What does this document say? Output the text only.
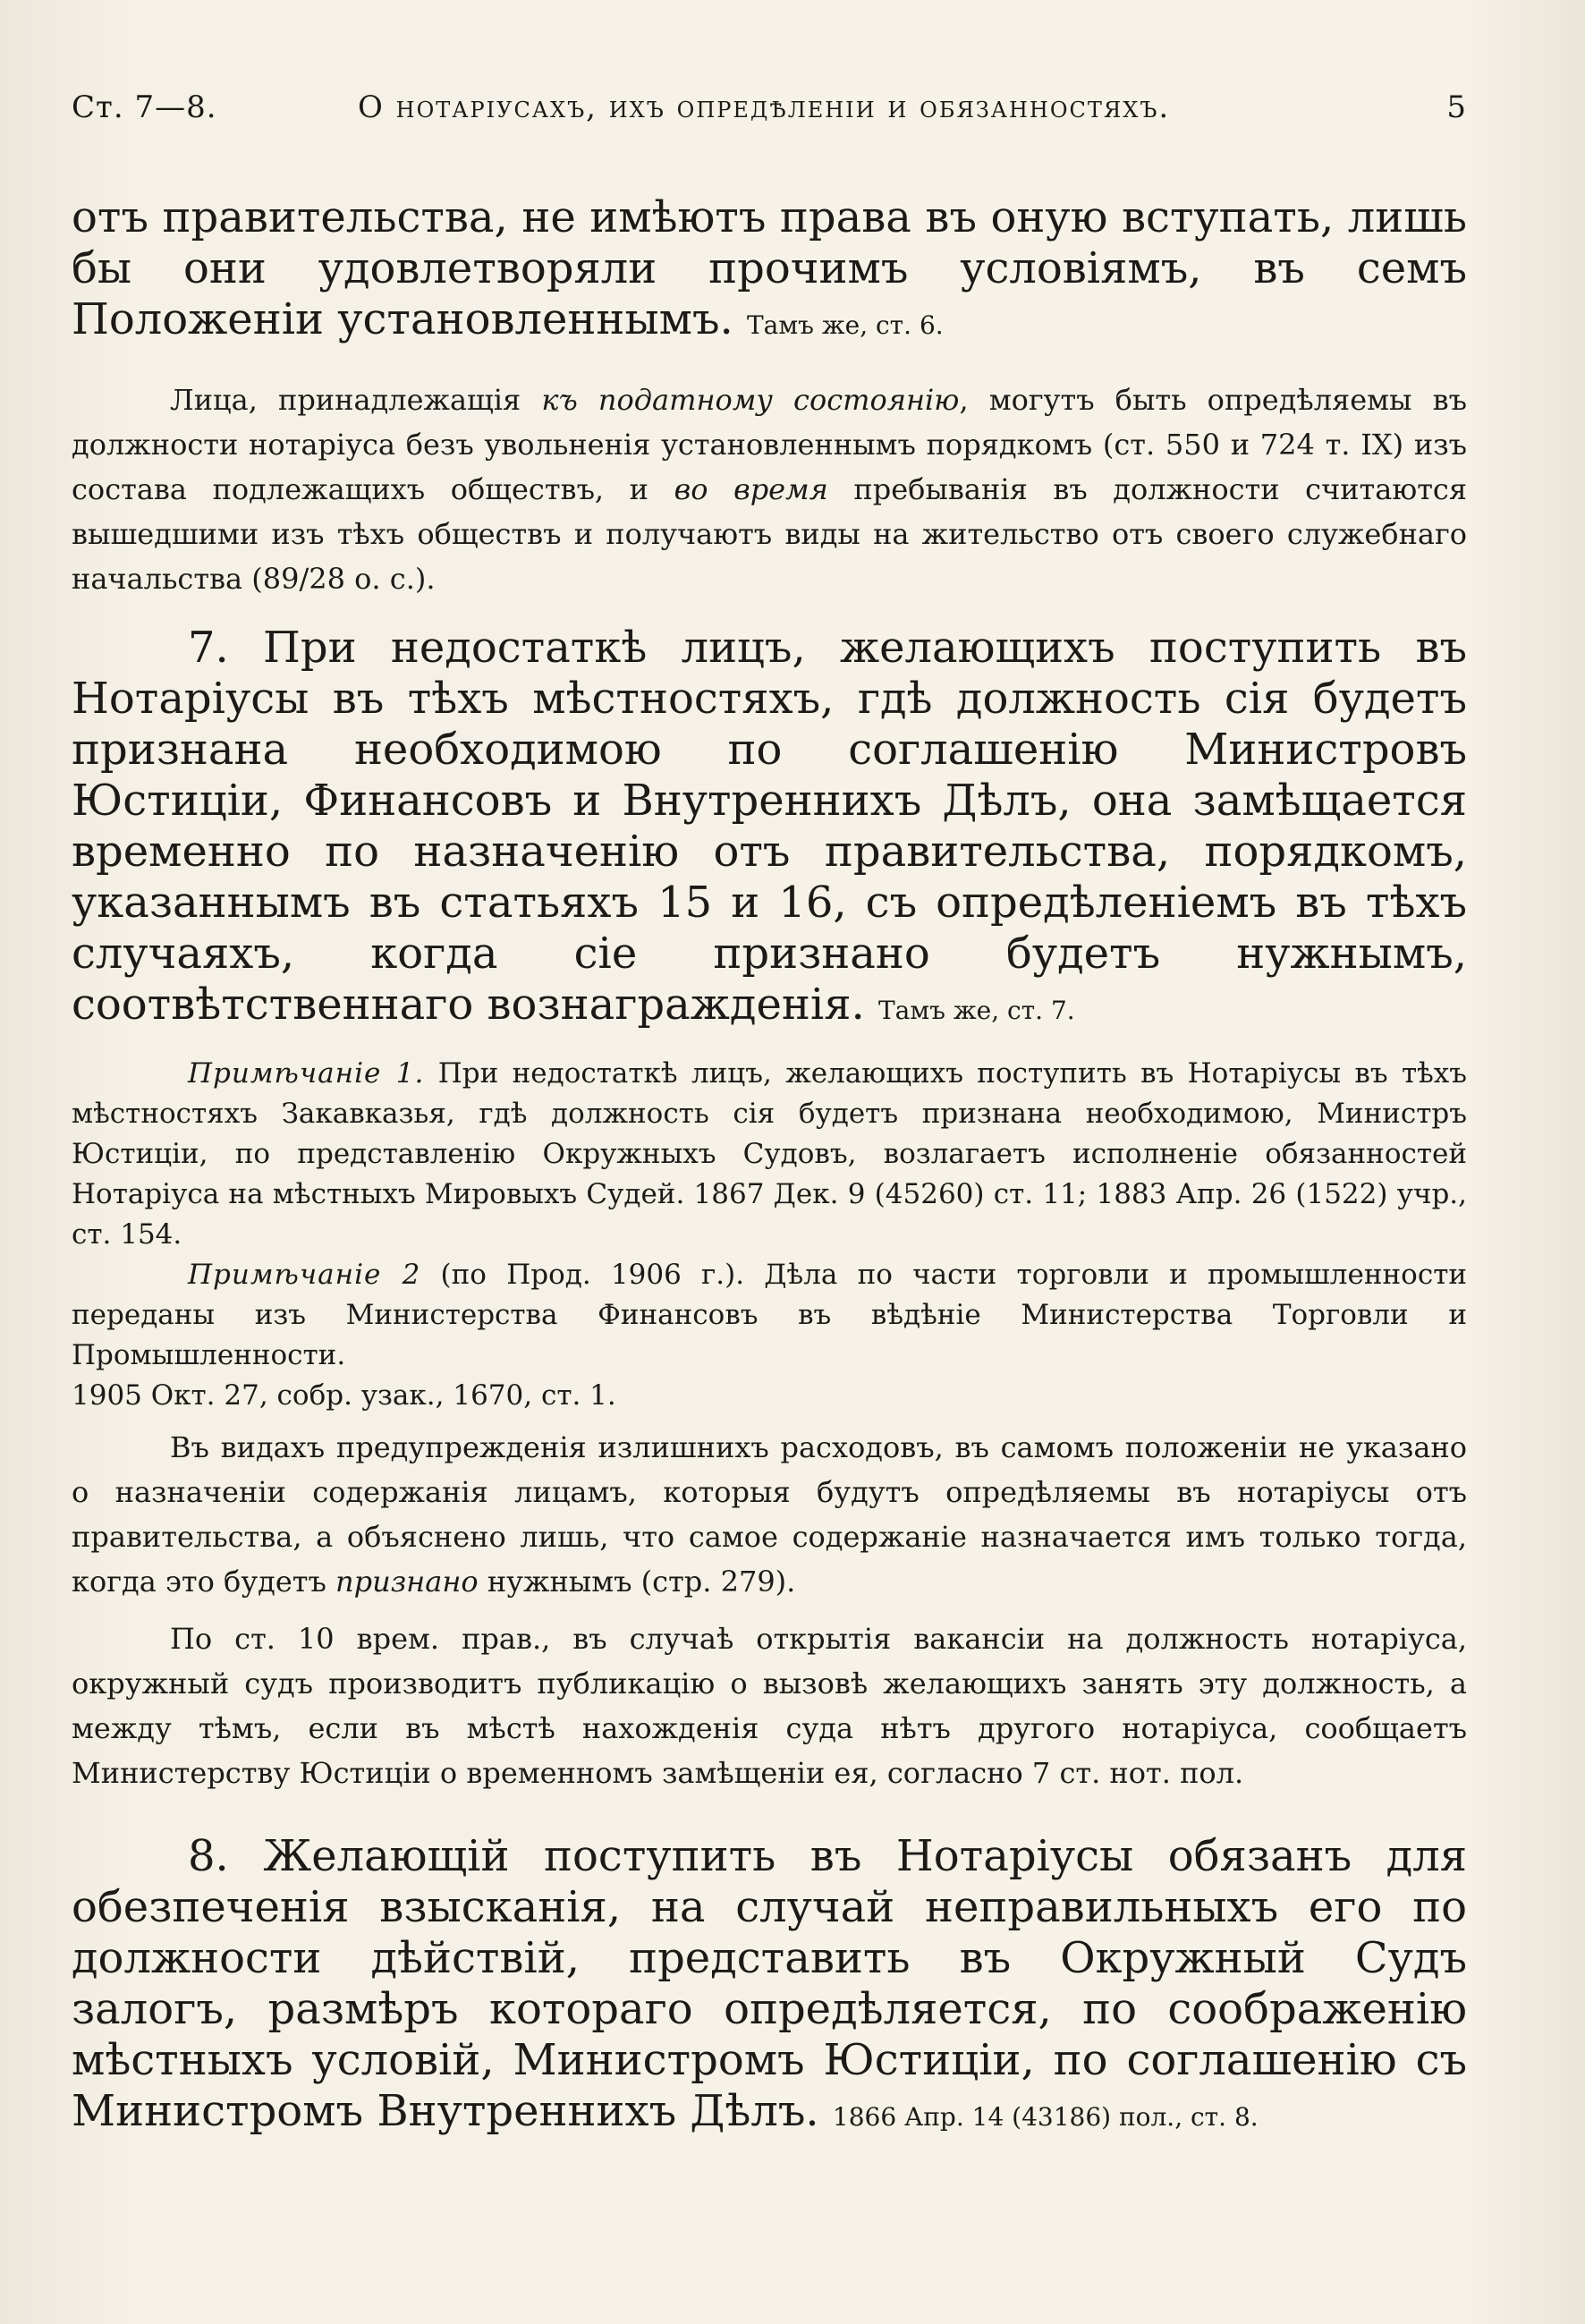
Ст. 7—8.	О нотаріусахъ, ихъ опредѣленіи и обязанностяхъ.	5

отъ правительства, не имѣютъ права въ оную вступать, лишь бы они удовлетворяли прочимъ условіямъ, въ семъ Положеніи установленнымъ. Тамъ же, ст. 6.

Лица, принадлежащія къ податному состоянію, могутъ быть опредѣляемы въ должности нотаріуса безъ увольненія установленнымъ порядкомъ (ст. 550 и 724 т. IX) изъ состава подлежащихъ обществъ, и во время пребыванія въ должности считаются вышедшими изъ тѣхъ обществъ и получаютъ виды на жительство отъ своего служебнаго начальства (89/28 о. с.).

7. При недостаткѣ лицъ, желающихъ поступить въ Нотаріусы въ тѣхъ мѣстностяхъ, гдѣ должность сія будетъ признана необходимою по соглашенію Министровъ Юстиціи, Финансовъ и Внутреннихъ Дѣлъ, она замѣщается временно по назначенію отъ правительства, порядкомъ, указаннымъ въ статьяхъ 15 и 16, съ опредѣленіемъ въ тѣхъ случаяхъ, когда сіе признано будетъ нужнымъ, соотвѣтственнаго вознагражденія. Тамъ же, ст. 7.

Примѣчаніе 1. При недостаткѣ лицъ, желающихъ поступить въ Нотаріусы въ тѣхъ мѣстностяхъ Закавказья, гдѣ должность сія будетъ признана необходимою, Министръ Юстиціи, по представленію Окружныхъ Судовъ, возлагаетъ исполненіе обязанностей Нотаріуса на мѣстныхъ Мировыхъ Судей. 1867 Дек. 9 (45260) ст. 11; 1883 Апр. 26 (1522) учр., ст. 154.

Примѣчаніе 2 (по Прод. 1906 г.). Дѣла по части торговли и промышленности переданы изъ Министерства Финансовъ въ вѣдѣніе Министерства Торговли и Промышленности.

1905 Окт. 27, собр. узак., 1670, ст. 1.

Въ видахъ предупрежденія излишнихъ расходовъ, въ самомъ положеніи не указано о назначеніи содержанія лицамъ, которыя будутъ опредѣляемы въ нотаріусы отъ правительства, а объяснено лишь, что самое содержаніе назначается имъ только тогда, когда это будетъ признано нужнымъ (стр. 279).

По ст. 10 врем. прав., въ случаѣ открытія вакансіи на должность нотаріуса, окружный судъ производитъ публикацію о вызовѣ желающихъ занять эту должность, а между тѣмъ, если въ мѣстѣ нахожденія суда нѣтъ другого нотаріуса, сообщаетъ Министерству Юстиціи о временномъ замѣщеніи ея, согласно 7 ст. нот. пол.

8. Желающій поступить въ Нотаріусы обязанъ для обезпеченія взысканія, на случай неправильныхъ его по должности дѣйствій, представить въ Окружный Судъ залогъ, размѣръ котораго опредѣляется, по соображенію мѣстныхъ условій, Министромъ Юстиціи, по соглашенію съ Министромъ Внутреннихъ Дѣлъ. 1866 Апр. 14 (43186) пол., ст. 8.
